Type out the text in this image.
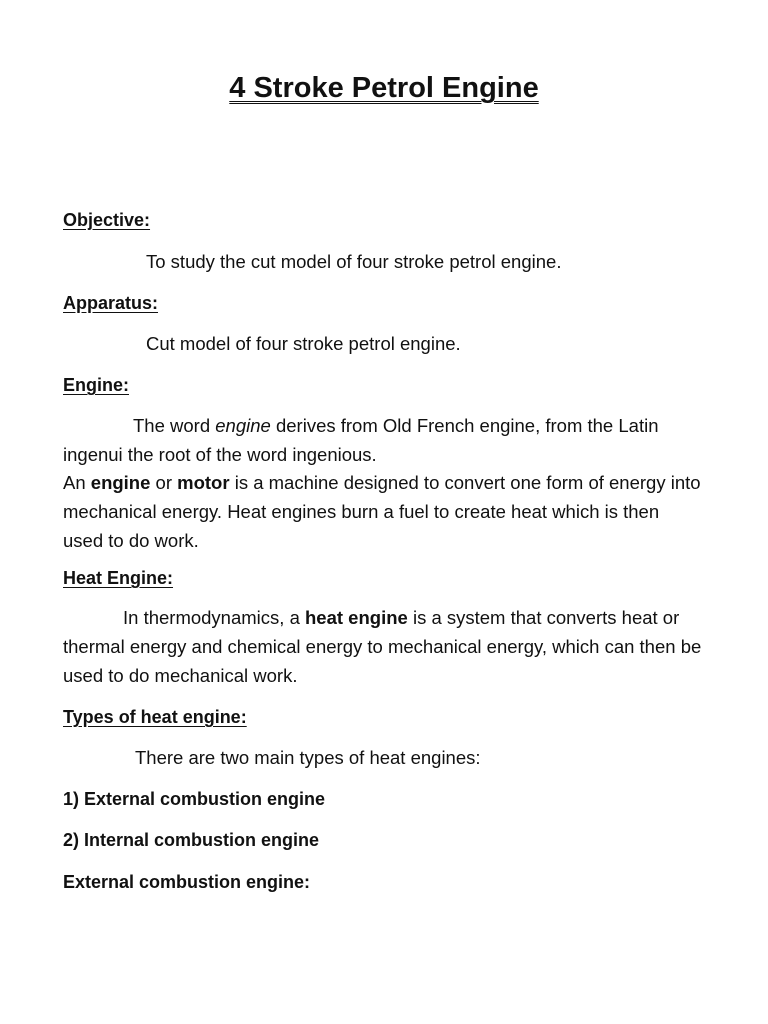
4 Stroke Petrol Engine

Objective:

To study the cut model of four stroke petrol engine.

Apparatus:

Cut model of four stroke petrol engine.

Engine:

The word engine derives from Old French engine, from the Latin ingenui the root of the word ingenious.

An engine or motor is a machine designed to convert one form of energy into mechanical energy. Heat engines burn a fuel to create heat which is then used to do work.

Heat Engine:

In thermodynamics, a heat engine is a system that converts heat or thermal energy and chemical energy to mechanical energy, which can then be used to do mechanical work.

Types of heat engine:

There are two main types of heat engines:

1) External combustion engine

2) Internal combustion engine

External combustion engine:
